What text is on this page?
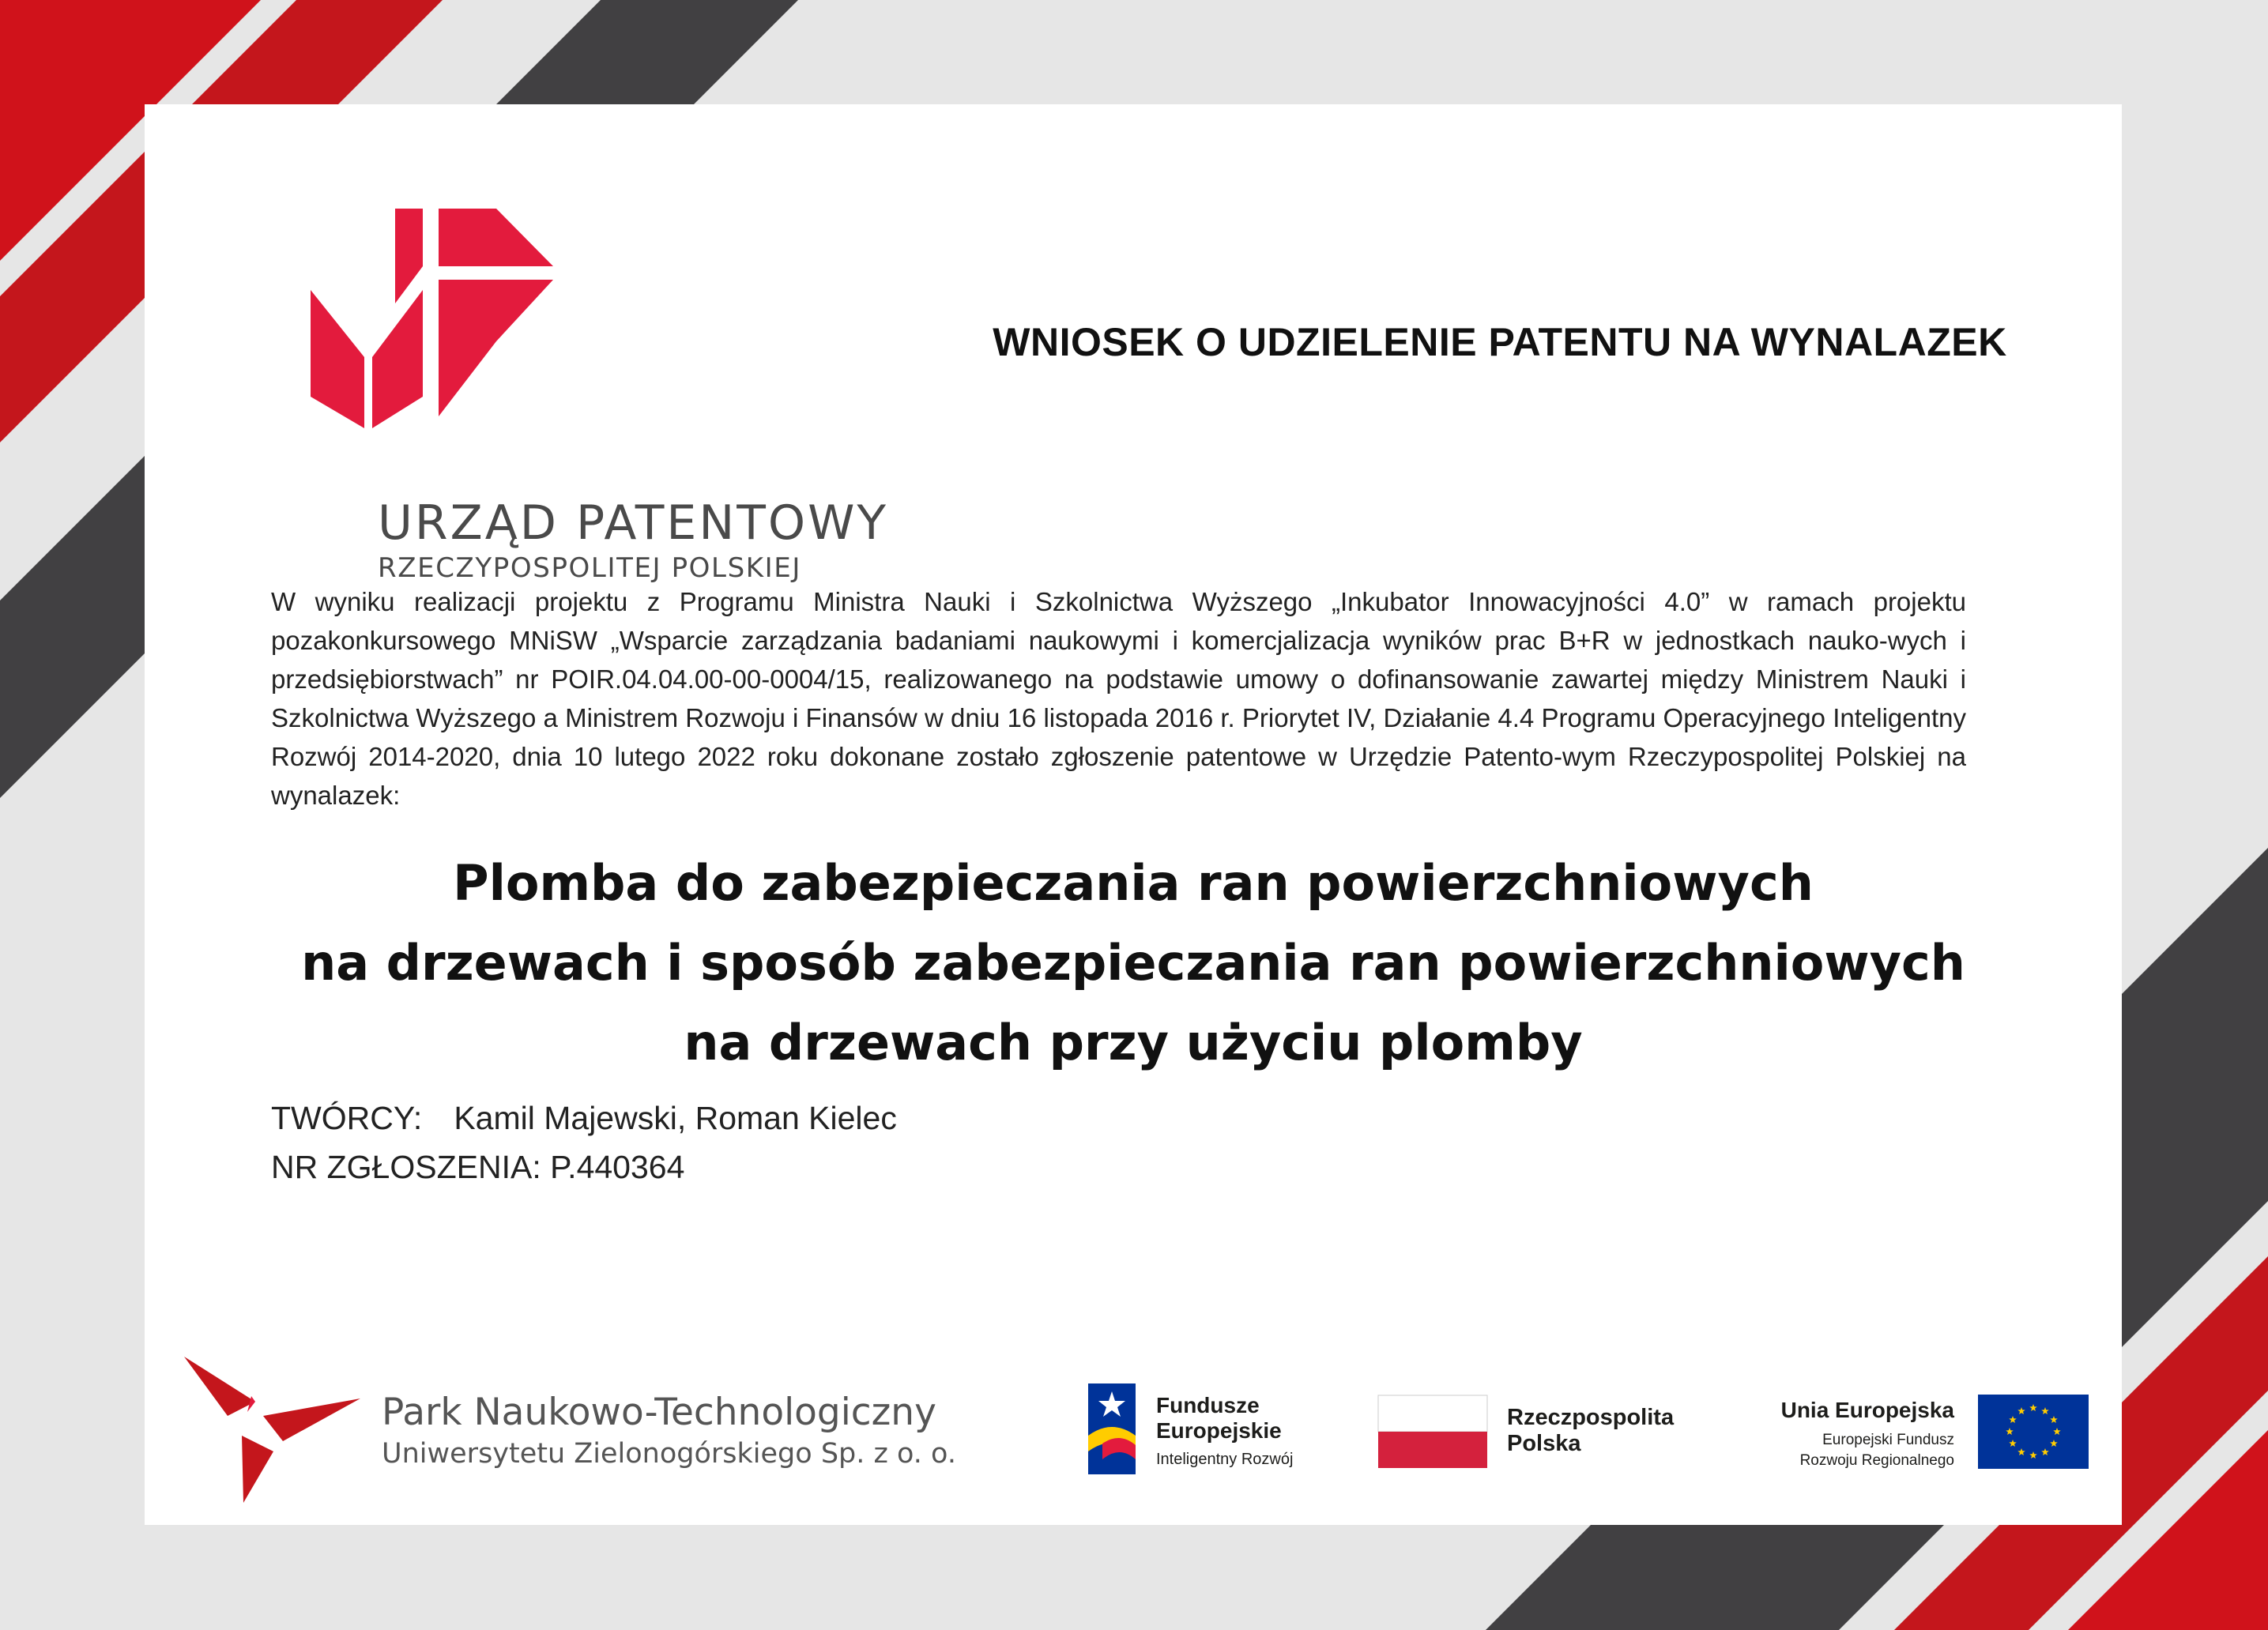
URZĄD PATENTOWY
RZECZYPOSPOLITEJ POLSKIEJ
WNIOSEK O UDZIELENIE PATENTU NA WYNALAZEK
W wyniku realizacji projektu z Programu Ministra Nauki i Szkolnictwa Wyższego „Inkubator Innowacyjności 4.0” w ramach projektu pozakonkursowego MNiSW „Wsparcie zarządzania badaniami naukowymi i komercjalizacja wyników prac B+R w jednostkach nauko-wych i przedsiębiorstwach” nr POIR.04.04.00-00-0004/15, realizowanego na podstawie umowy o dofinansowanie zawartej między Ministrem Nauki i Szkolnictwa Wyższego a Ministrem Rozwoju i Finansów w dniu 16 listopada 2016 r. Priorytet IV, Działanie 4.4 Programu Operacyjnego Inteligentny Rozwój 2014-2020, dnia 10 lutego 2022 roku dokonane zostało zgłoszenie patentowe w Urzędzie Patento-wym Rzeczypospolitej Polskiej na wynalazek:
Plomba do zabezpieczania ran powierzchniowych
na drzewach i sposób zabezpieczania ran powierzchniowych
na drzewach przy użyciu plomby
TWÓRCY: Kamil Majewski, Roman Kielec
NR ZGŁOSZENIA: P.440364
Park Naukowo-Technologiczny
Uniwersytetu Zielonogórskiego Sp. z o. o.
Fundusze
Europejskie
Inteligentny Rozwój
Rzeczpospolita
Polska
Unia Europejska
Europejski Fundusz
Rozwoju Regionalnego
